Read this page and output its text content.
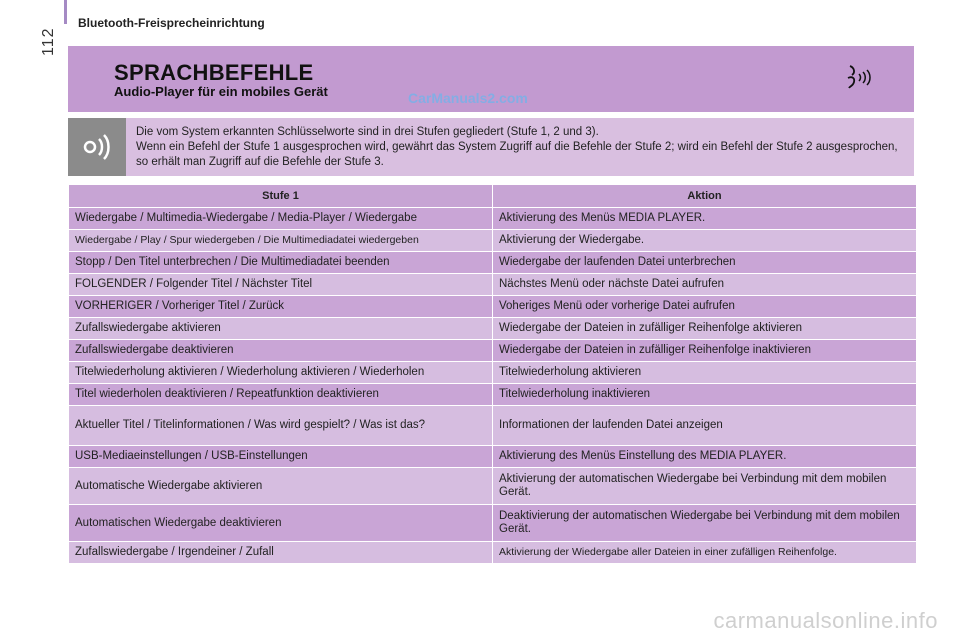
Bluetooth-Freisprecheinrichtung
112
SPRACHBEFEHLE
Audio-Player für ein mobiles Gerät	CarManuals2.com
Die vom System erkannten Schlüsselworte sind in drei Stufen gegliedert (Stufe 1, 2 und 3).
Wenn ein Befehl der Stufe 1 ausgesprochen wird, gewährt das System Zugriff auf die Befehle der Stufe 2; wird ein Befehl der Stufe 2 ausgesprochen, so erhält man Zugriff auf die Befehle der Stufe 3.
Stufe 1	Aktion
Wiedergabe / Multimedia-Wiedergabe / Media-Player / Wiedergabe	Aktivierung des Menüs MEDIA PLAYER.
Wiedergabe / Play / Spur wiedergeben / Die Multimediadatei wiedergeben	Aktivierung der Wiedergabe.
Stopp / Den Titel unterbrechen / Die Multimediadatei beenden	Wiedergabe der laufenden Datei unterbrechen
FOLGENDER / Folgender Titel / Nächster Titel	Nächstes Menü oder nächste Datei aufrufen
VORHERIGER / Vorheriger Titel / Zurück	Voheriges Menü oder vorherige Datei aufrufen
Zufallswiedergabe aktivieren	Wiedergabe der Dateien in zufälliger Reihenfolge aktivieren
Zufallswiedergabe deaktivieren	Wiedergabe der Dateien in zufälliger Reihenfolge inaktivieren
Titelwiederholung aktivieren / Wiederholung aktivieren / Wiederholen	Titelwiederholung aktivieren
Titel wiederholen deaktivieren / Repeatfunktion deaktivieren	Titelwiederholung inaktivieren
Aktueller Titel / Titelinformationen / Was wird gespielt? / Was ist das?	Informationen der laufenden Datei anzeigen
USB-Mediaeinstellungen / USB-Einstellungen	Aktivierung des Menüs Einstellung des MEDIA PLAYER.
Automatische Wiedergabe aktivieren	Aktivierung der automatischen Wiedergabe bei Verbindung mit dem mobilen Gerät.
Automatischen Wiedergabe deaktivieren	Deaktivierung der automatischen Wiedergabe bei Verbindung mit dem mobilen Gerät.
Zufallswiedergabe / Irgendeiner / Zufall	Aktivierung der Wiedergabe aller Dateien in einer zufälligen Reihenfolge.
carmanualsonline.info
